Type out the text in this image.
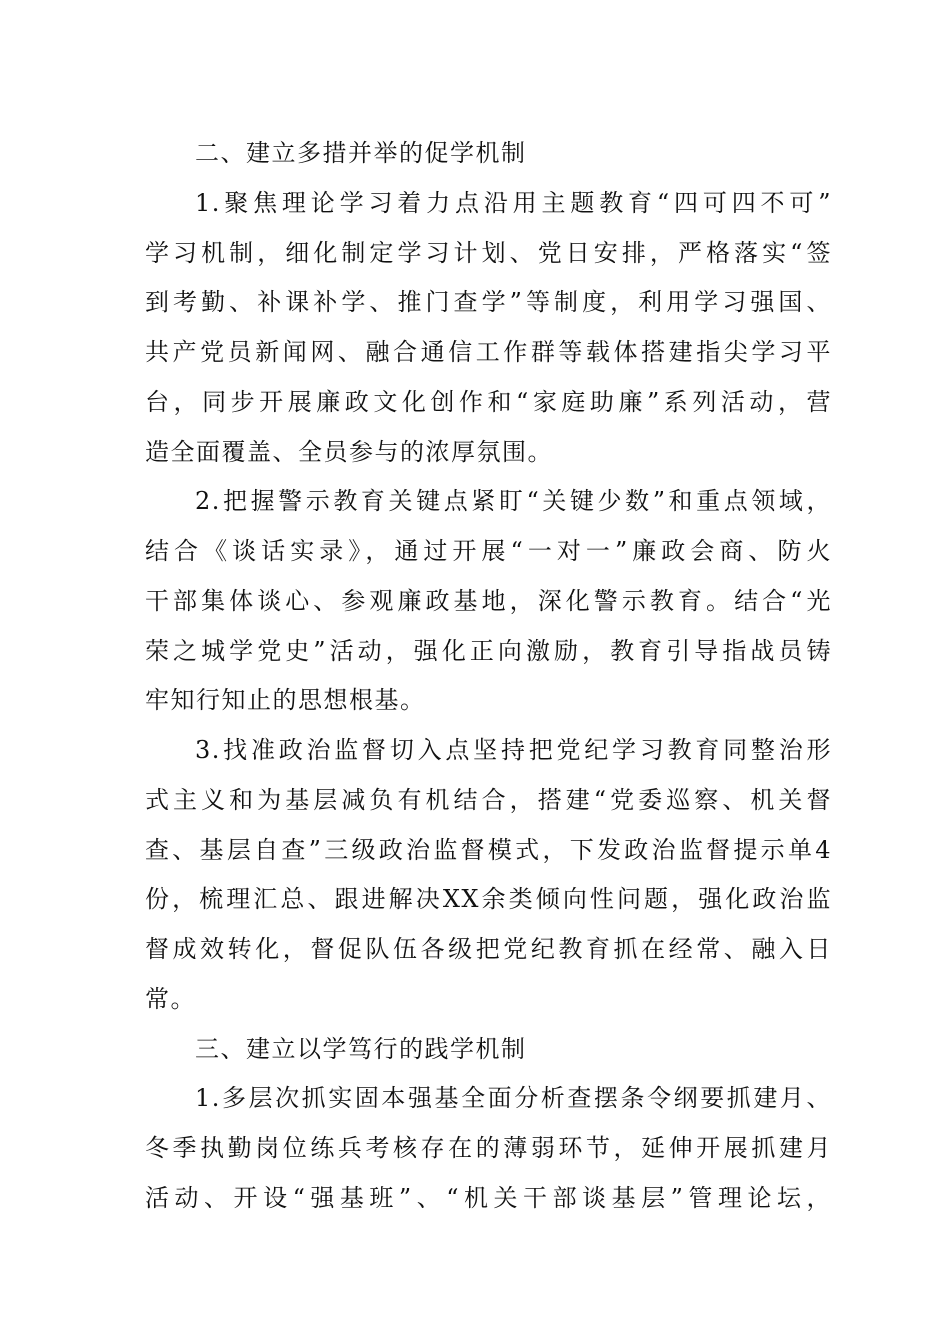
二、建立多措并举的促学机制
1.聚焦理论学习着力点沿用主题教育“四可四不可”
学习机制，细化制定学习计划、党日安排，严格落实“签
到考勤、补课补学、推门查学”等制度，利用学习强国、
共产党员新闻网、融合通信工作群等载体搭建指尖学习平
台，同步开展廉政文化创作和“家庭助廉”系列活动，营
造全面覆盖、全员参与的浓厚氛围。
2.把握警示教育关键点紧盯“关键少数”和重点领域，
结合《谈话实录》，通过开展“一对一”廉政会商、防火
干部集体谈心、参观廉政基地，深化警示教育。结合“光
荣之城学党史”活动，强化正向激励，教育引导指战员铸
牢知行知止的思想根基。
3.找准政治监督切入点坚持把党纪学习教育同整治形
式主义和为基层减负有机结合，搭建“党委巡察、机关督
查、基层自查”三级政治监督模式，下发政治监督提示单4
份，梳理汇总、跟进解决XX余类倾向性问题，强化政治监
督成效转化，督促队伍各级把党纪教育抓在经常、融入日
常。
三、建立以学笃行的践学机制
1.多层次抓实固本强基全面分析查摆条令纲要抓建月、
冬季执勤岗位练兵考核存在的薄弱环节，延伸开展抓建月
活动、开设“强基班”、“机关干部谈基层”管理论坛，
